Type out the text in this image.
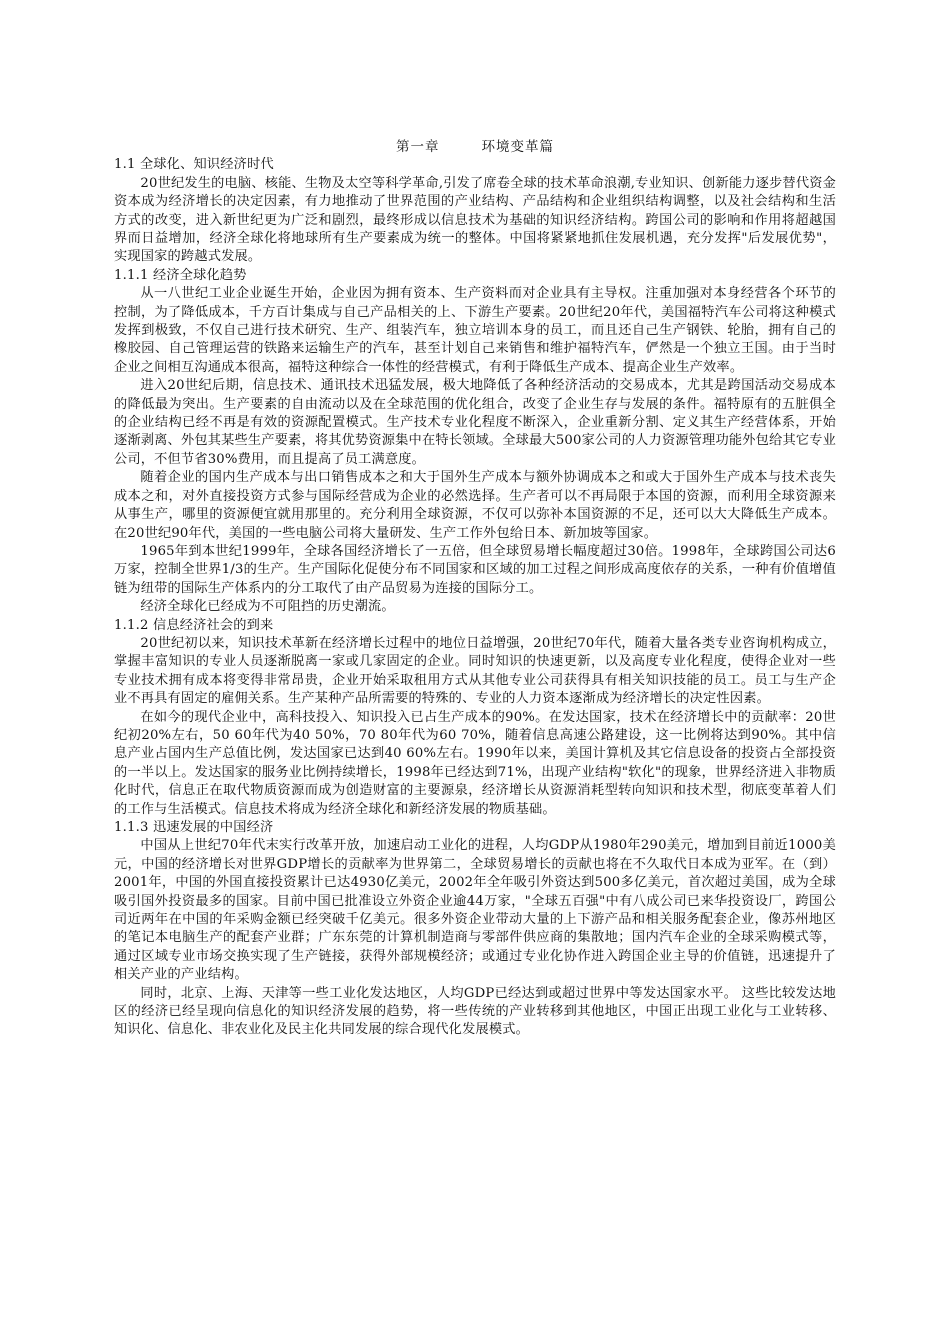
第一章	环境变革篇
1.1 全球化、知识经济时代

20世纪发生的电脑、核能、生物及太空等科学革命,引发了席卷全球的技术革命浪潮,专业知识、创新能力逐步替代资金资本成为经济增长的决定因素，有力地推动了世界范围的产业结构、产品结构和企业组织结构调整，以及社会结构和生活方式的改变，进入新世纪更为广泛和剧烈，最终形成以信息技术为基础的知识经济结构。跨国公司的影响和作用将超越国界而日益增加，经济全球化将地球所有生产要素成为统一的整体。中国将紧紧地抓住发展机遇，充分发挥"后发展优势"，实现国家的跨越式发展。

1.1.1 经济全球化趋势

从一八世纪工业企业诞生开始，企业因为拥有资本、生产资料而对企业具有主导权。注重加强对本身经营各个环节的控制，为了降低成本，千方百计集成与自己产品相关的上、下游生产要素。20世纪20年代，美国福特汽车公司将这种模式发挥到极致，不仅自己进行技术研究、生产、组装汽车，独立培训本身的员工，而且还自己生产钢铁、轮胎，拥有自己的橡胶园、自己管理运营的铁路来运输生产的汽车，甚至计划自己来销售和维护福特汽车，俨然是一个独立王国。由于当时企业之间相互沟通成本很高，福特这种综合一体性的经营模式，有利于降低生产成本、提高企业生产效率。

进入20世纪后期，信息技术、通讯技术迅猛发展，极大地降低了各种经济活动的交易成本，尤其是跨国活动交易成本的降低最为突出。生产要素的自由流动以及在全球范围的优化组合，改变了企业生存与发展的条件。福特原有的五脏俱全的企业结构已经不再是有效的资源配置模式。生产技术专业化程度不断深入，企业重新分割、定义其生产经营体系，开始逐渐剥离、外包其某些生产要素，将其优势资源集中在特长领域。全球最大500家公司的人力资源管理功能外包给其它专业公司，不但节省30%费用，而且提高了员工满意度。

随着企业的国内生产成本与出口销售成本之和大于国外生产成本与额外协调成本之和或大于国外生产成本与技术丧失成本之和，对外直接投资方式参与国际经营成为企业的必然选择。生产者可以不再局限于本国的资源，而利用全球资源来从事生产，哪里的资源便宜就用那里的。充分利用全球资源，不仅可以弥补本国资源的不足，还可以大大降低生产成本。在20世纪90年代，美国的一些电脑公司将大量研发、生产工作外包给日本、新加坡等国家。

1965年到本世纪1999年，全球各国经济增长了一五倍，但全球贸易增长幅度超过30倍。1998年，全球跨国公司达6万家，控制全世界1/3的生产。生产国际化促使分布不同国家和区域的加工过程之间形成高度依存的关系，一种有价值增值链为纽带的国际生产体系内的分工取代了由产品贸易为连接的国际分工。

经济全球化已经成为不可阻挡的历史潮流。

1.1.2 信息经济社会的到来

20世纪初以来，知识技术革新在经济增长过程中的地位日益增强，20世纪70年代，随着大量各类专业咨询机构成立，掌握丰富知识的专业人员逐渐脱离一家或几家固定的企业。同时知识的快速更新，以及高度专业化程度，使得企业对一些专业技术拥有成本将变得非常昂贵，企业开始采取租用方式从其他专业公司获得具有相关知识技能的员工。员工与生产企业不再具有固定的雇佣关系。生产某种产品所需要的特殊的、专业的人力资本逐渐成为经济增长的决定性因素。

在如今的现代企业中，高科技投入、知识投入已占生产成本的90%。在发达国家，技术在经济增长中的贡献率：20世纪初20%左右，50 60年代为40 50%，70 80年代为60 70%，随着信息高速公路建设，这一比例将达到90%。其中信息产业占国内生产总值比例，发达国家已达到40 60%左右。1990年以来，美国计算机及其它信息设备的投资占全部投资的一半以上。发达国家的服务业比例持续增长，1998年已经达到71%，出现产业结构"软化"的现象，世界经济进入非物质化时代，信息正在取代物质资源而成为创造财富的主要源泉，经济增长从资源消耗型转向知识和技术型，彻底变革着人们的工作与生活模式。信息技术将成为经济全球化和新经济发展的物质基础。

1.1.3 迅速发展的中国经济

中国从上世纪70年代末实行改革开放，加速启动工业化的进程，人均GDP从1980年290美元，增加到目前近1000美元，中国的经济增长对世界GDP增长的贡献率为世界第二，全球贸易增长的贡献也将在不久取代日本成为亚军。在（到）2001年，中国的外国直接投资累计已达4930亿美元，2002年全年吸引外资达到500多亿美元，首次超过美国，成为全球吸引国外投资最多的国家。目前中国已批准设立外资企业逾44万家，"全球五百强"中有八成公司已来华投资设厂，跨国公司近两年在中国的年采购金额已经突破千亿美元。很多外资企业带动大量的上下游产品和相关服务配套企业，像苏州地区的笔记本电脑生产的配套产业群；广东东莞的计算机制造商与零部件供应商的集散地；国内汽车企业的全球采购模式等，通过区域专业市场交换实现了生产链接，获得外部规模经济；或通过专业化协作进入跨国企业主导的价值链，迅速提升了相关产业的产业结构。

同时，北京、上海、天津等一些工业化发达地区，人均GDP已经达到或超过世界中等发达国家水平。 这些比较发达地区的经济已经呈现向信息化的知识经济发展的趋势，将一些传统的产业转移到其他地区，中国正出现工业化与工业转移、知识化、信息化、非农业化及民主化共同发展的综合现代化发展模式。
